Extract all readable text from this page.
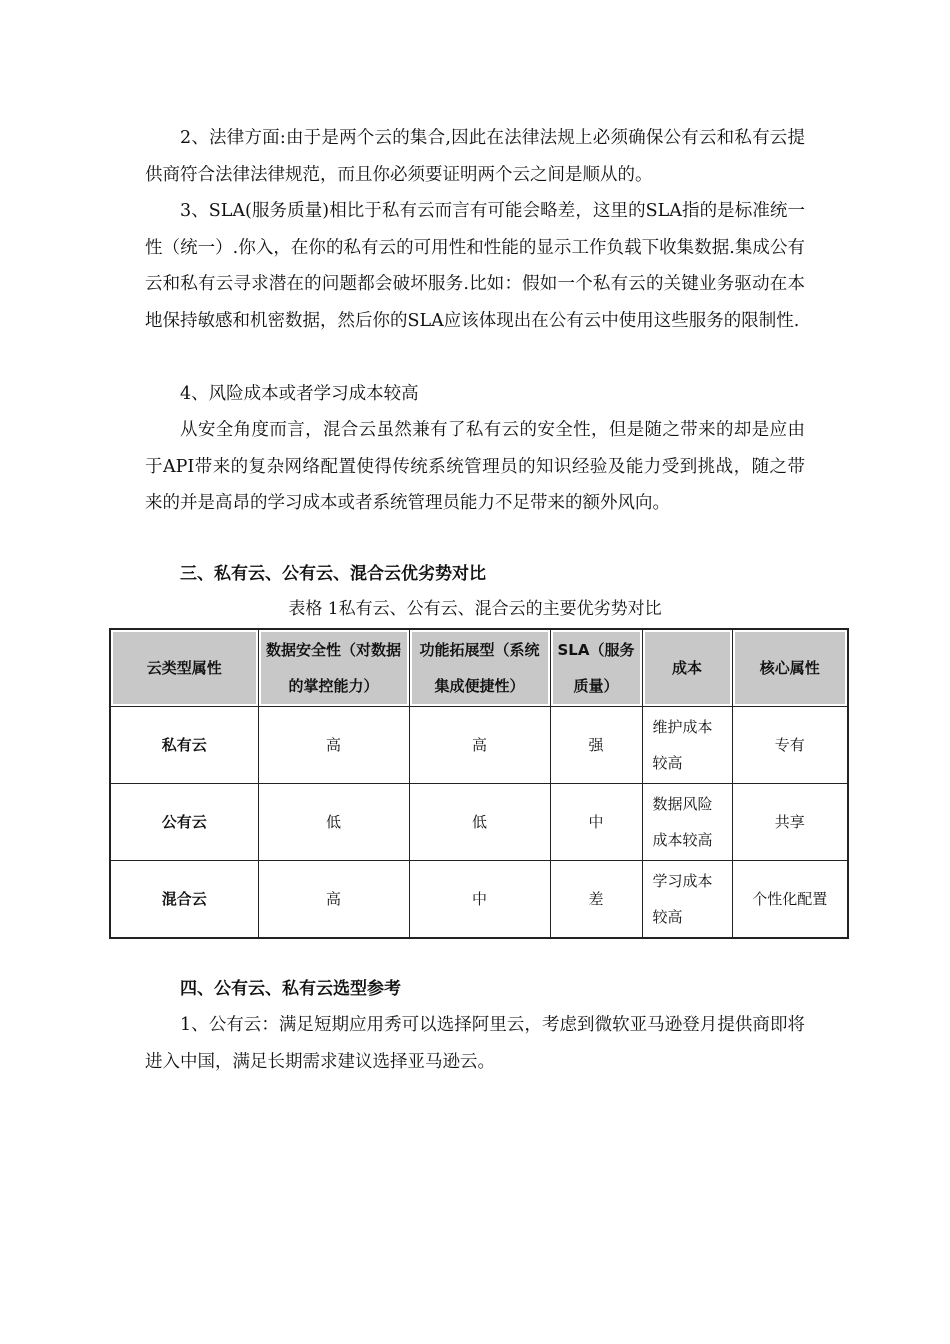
2、法律方面:由于是两个云的集合,因此在法律法规上必须确保公有云和私有云提供商符合法律法律规范，而且你必须要证明两个云之间是顺从的。

3、SLA(服务质量)相比于私有云而言有可能会略差，这里的SLA指的是标准统一性（统一）.你入，在你的私有云的可用性和性能的显示工作负载下收集数据.集成公有云和私有云寻求潜在的问题都会破坏服务.比如：假如一个私有云的关键业务驱动在本地保持敏感和机密数据，然后你的SLA应该体现出在公有云中使用这些服务的限制性.

4、风险成本或者学习成本较高

从安全角度而言，混合云虽然兼有了私有云的安全性，但是随之带来的却是应由于API带来的复杂网络配置使得传统系统管理员的知识经验及能力受到挑战，随之带来的并是高昂的学习成本或者系统管理员能力不足带来的额外风向。

三、私有云、公有云、混合云优劣势对比

表格 1私有云、公有云、混合云的主要优劣势对比

云类型属性	数据安全性（对数据的掌控能力）	功能拓展型（系统集成便捷性）	SLA（服务质量）	成本	核心属性
私有云	高	高	强	维护成本较高	专有
公有云	低	低	中	数据风险成本较高	共享
混合云	高	中	差	学习成本较高	个性化配置

四、公有云、私有云选型参考

1、公有云：满足短期应用秀可以选择阿里云，考虑到微软亚马逊登月提供商即将进入中国，满足长期需求建议选择亚马逊云。
